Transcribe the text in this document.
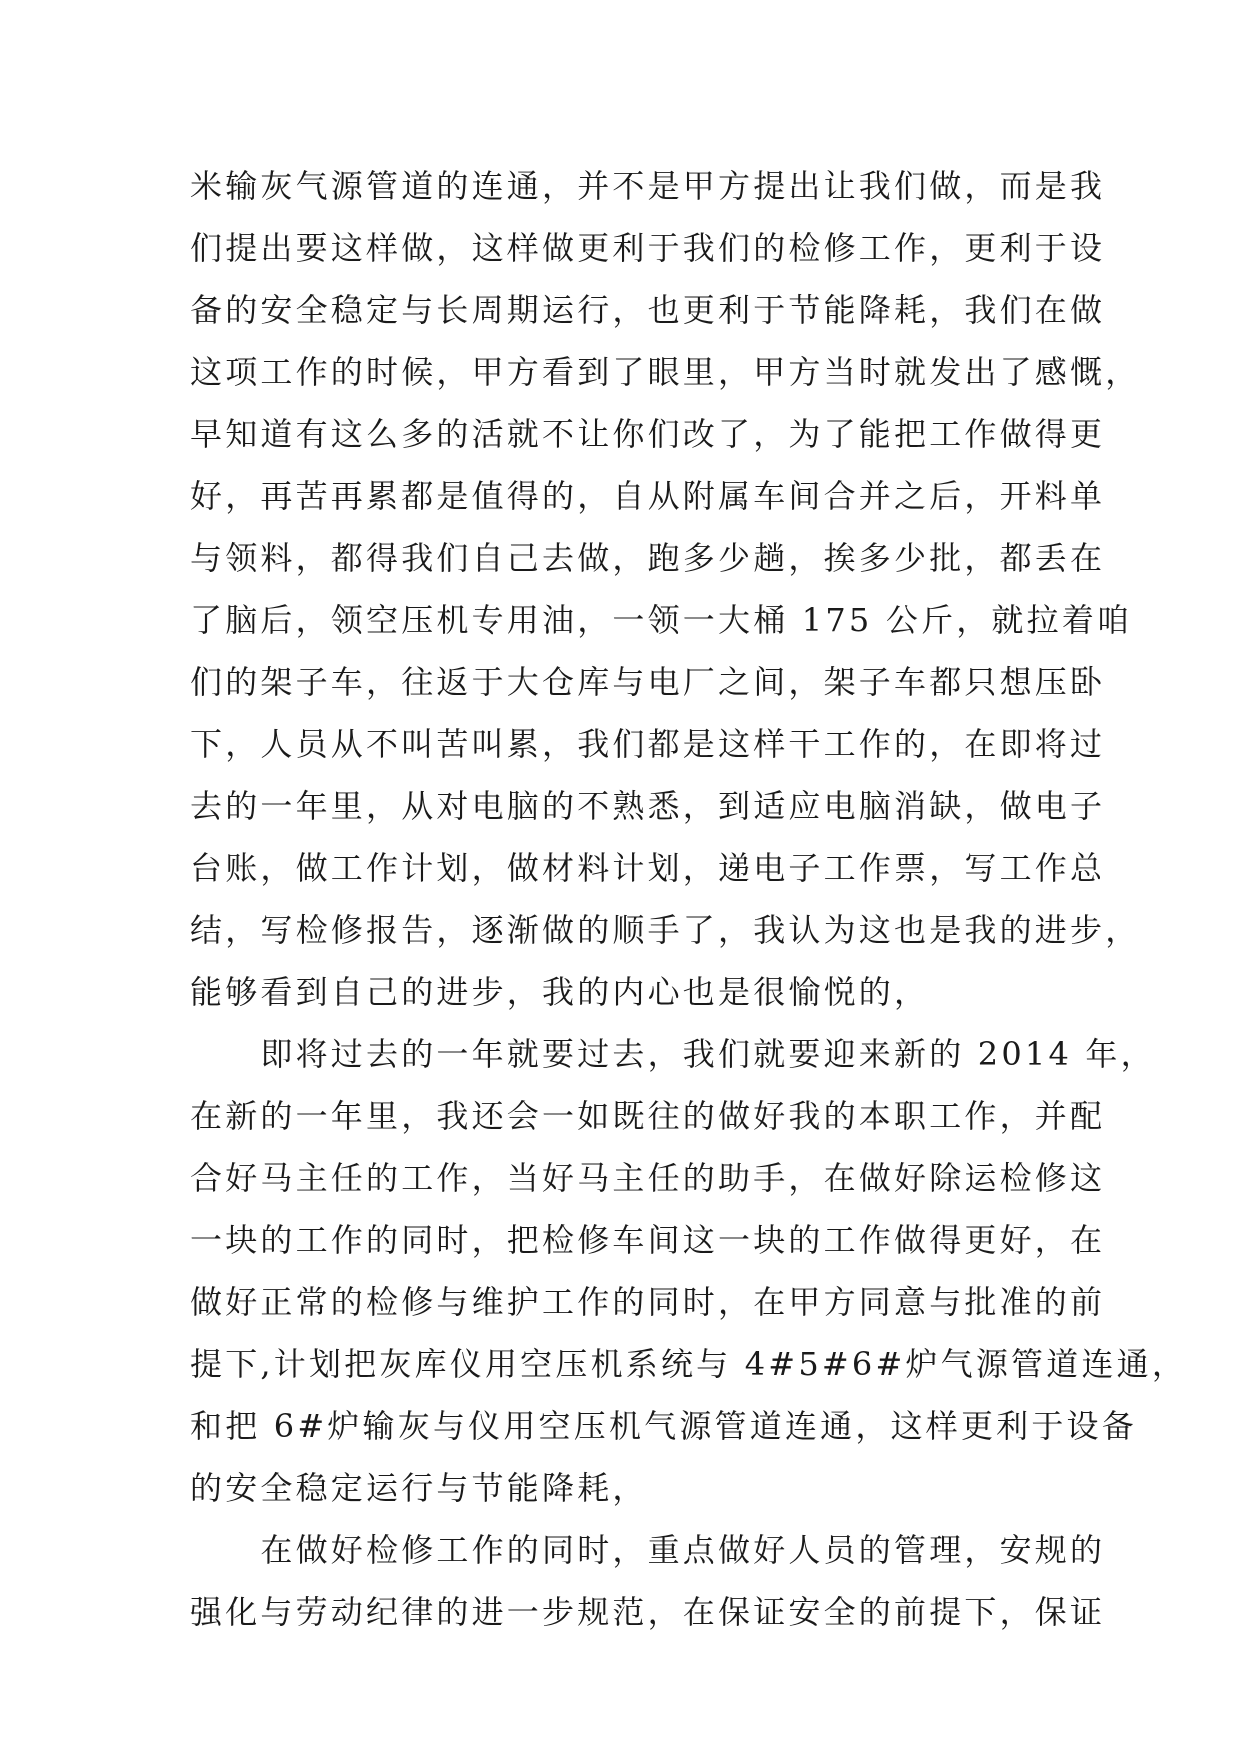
米输灰气源管道的连通，并不是甲方提出让我们做，而是我
们提出要这样做，这样做更利于我们的检修工作，更利于设
备的安全稳定与长周期运行，也更利于节能降耗，我们在做
这项工作的时候，甲方看到了眼里，甲方当时就发出了感慨，
早知道有这么多的活就不让你们改了，为了能把工作做得更
好，再苦再累都是值得的，自从附属车间合并之后，开料单
与领料，都得我们自己去做，跑多少趟，挨多少批，都丢在
了脑后，领空压机专用油，一领一大桶 175 公斤，就拉着咱
们的架子车，往返于大仓库与电厂之间，架子车都只想压卧
下，人员从不叫苦叫累，我们都是这样干工作的，在即将过
去的一年里，从对电脑的不熟悉，到适应电脑消缺，做电子
台账，做工作计划，做材料计划，递电子工作票，写工作总
结，写检修报告，逐渐做的顺手了，我认为这也是我的进步，
能够看到自己的进步，我的内心也是很愉悦的，
　　即将过去的一年就要过去，我们就要迎来新的 2014 年，
在新的一年里，我还会一如既往的做好我的本职工作，并配
合好马主任的工作，当好马主任的助手，在做好除运检修这
一块的工作的同时，把检修车间这一块的工作做得更好，在
做好正常的检修与维护工作的同时，在甲方同意与批准的前
提下,计划把灰库仪用空压机系统与 4#5#6#炉气源管道连通，
和把 6#炉输灰与仪用空压机气源管道连通，这样更利于设备
的安全稳定运行与节能降耗，
　　在做好检修工作的同时，重点做好人员的管理，安规的
强化与劳动纪律的进一步规范，在保证安全的前提下，保证
